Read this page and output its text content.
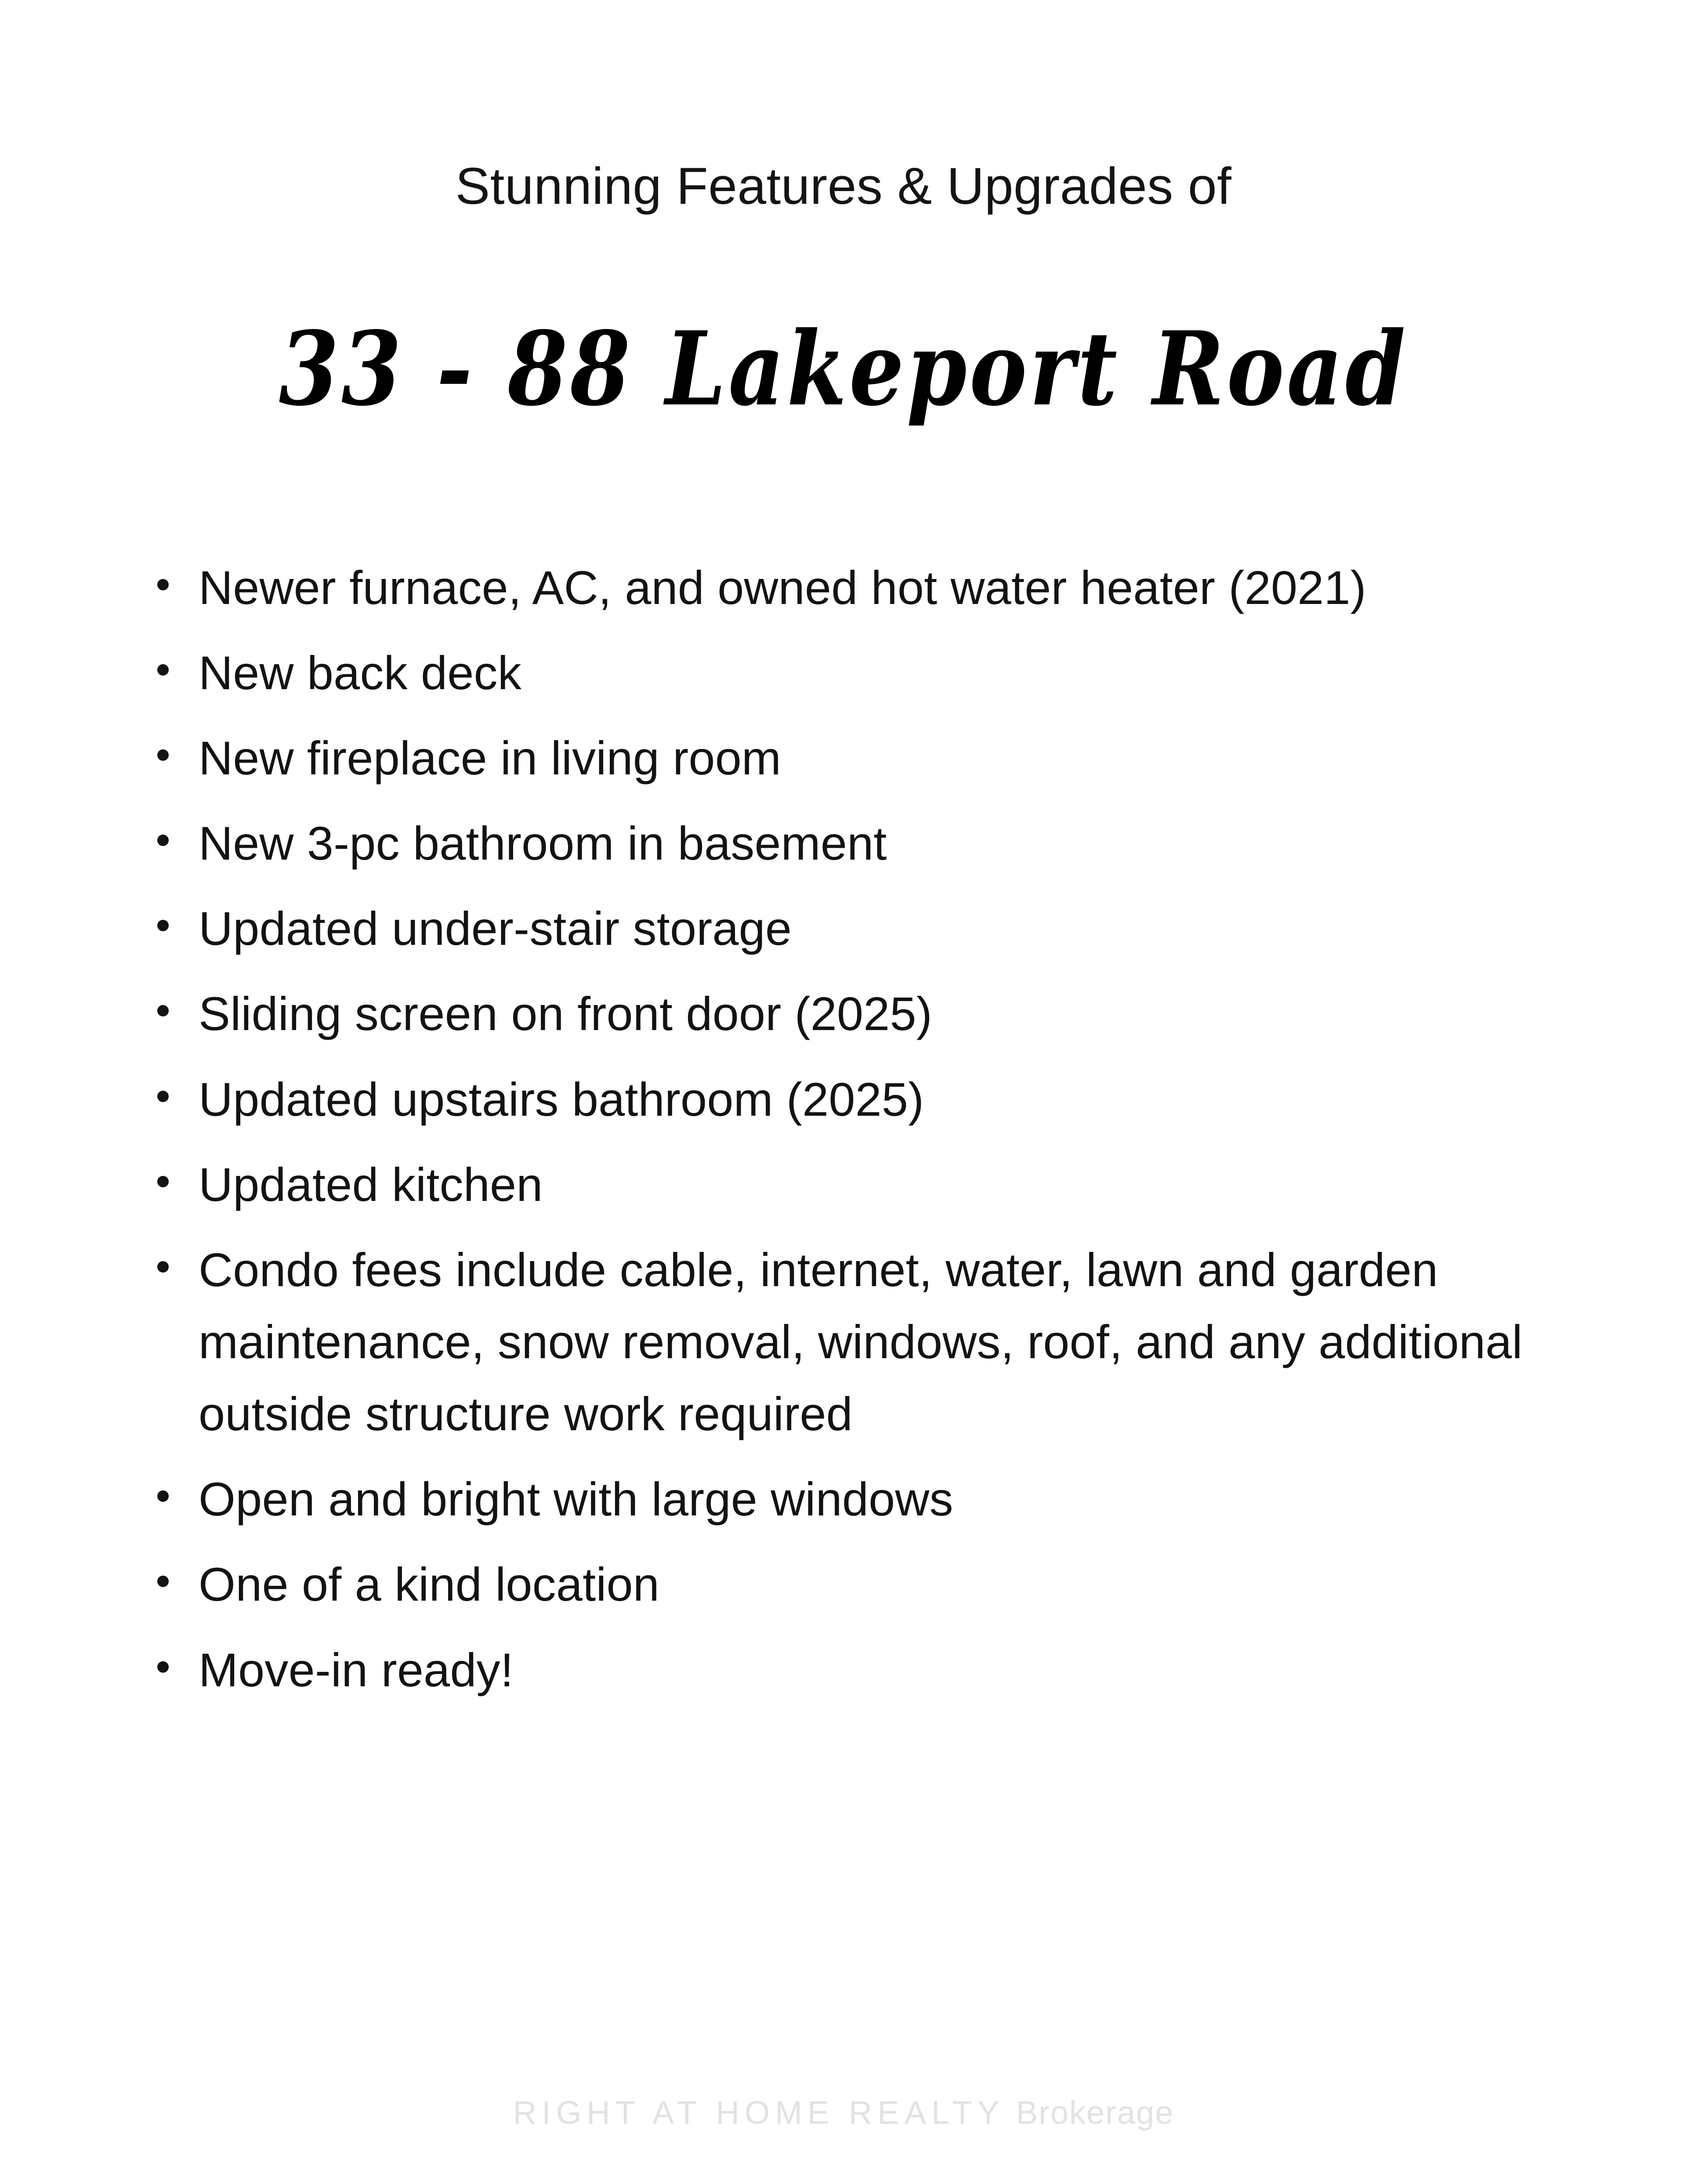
Stunning Features & Upgrades of
33 - 88 Lakeport Road
Newer furnace, AC, and owned hot water heater (2021)
New back deck
New fireplace in living room
New 3-pc bathroom in basement
Updated under-stair storage
Sliding screen on front door (2025)
Updated upstairs bathroom (2025)
Updated kitchen
Condo fees include cable, internet, water, lawn and garden maintenance, snow removal, windows, roof, and any additional outside structure work required
Open and bright with large windows
One of a kind location
Move-in ready!
RIGHT AT HOME REALTY Brokerage
